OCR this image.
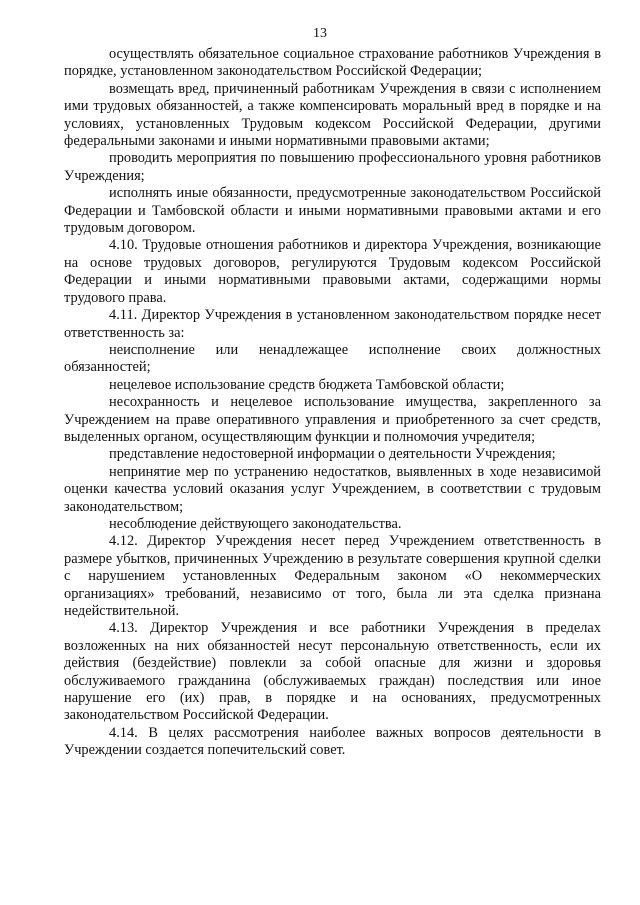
13

осуществлять обязательное социальное страхование работников Учреждения в порядке, установленном законодательством Российской Федерации;

возмещать вред, причиненный работникам Учреждения в связи с исполнением ими трудовых обязанностей, а также компенсировать моральный вред в порядке и на условиях, установленных Трудовым кодексом Российской Федерации, другими федеральными законами и иными нормативными правовыми актами;

проводить мероприятия по повышению профессионального уровня работников Учреждения;

исполнять иные обязанности, предусмотренные законодательством Российской Федерации и Тамбовской области и иными нормативными правовыми актами и его трудовым договором.

4.10. Трудовые отношения работников и директора Учреждения, возникающие на основе трудовых договоров, регулируются Трудовым кодексом Российской Федерации и иными нормативными правовыми актами, содержащими нормы трудового права.

4.11. Директор Учреждения в установленном законодательством порядке несет ответственность за:

неисполнение или ненадлежащее исполнение своих должностных обязанностей;

нецелевое использование средств бюджета Тамбовской области;

несохранность и нецелевое использование имущества, закрепленного за Учреждением на праве оперативного управления и приобретенного за счет средств, выделенных органом, осуществляющим функции и полномочия учредителя;

представление недостоверной информации о деятельности Учреждения;

непринятие мер по устранению недостатков, выявленных в ходе независимой оценки качества условий оказания услуг Учреждением, в соответствии с трудовым законодательством;

несоблюдение действующего законодательства.

4.12. Директор Учреждения несет перед Учреждением ответственность в размере убытков, причиненных Учреждению в результате совершения крупной сделки с нарушением установленных Федеральным законом «О некоммерческих организациях» требований, независимо от того, была ли эта сделка признана недействительной.

4.13. Директор Учреждения и все работники Учреждения в пределах возложенных на них обязанностей несут персональную ответственность, если их действия (бездействие) повлекли за собой опасные для жизни и здоровья обслуживаемого гражданина (обслуживаемых граждан) последствия или иное нарушение его (их) прав, в порядке и на основаниях, предусмотренных законодательством Российской Федерации.

4.14. В целях рассмотрения наиболее важных вопросов деятельности в Учреждении создается попечительский совет.
